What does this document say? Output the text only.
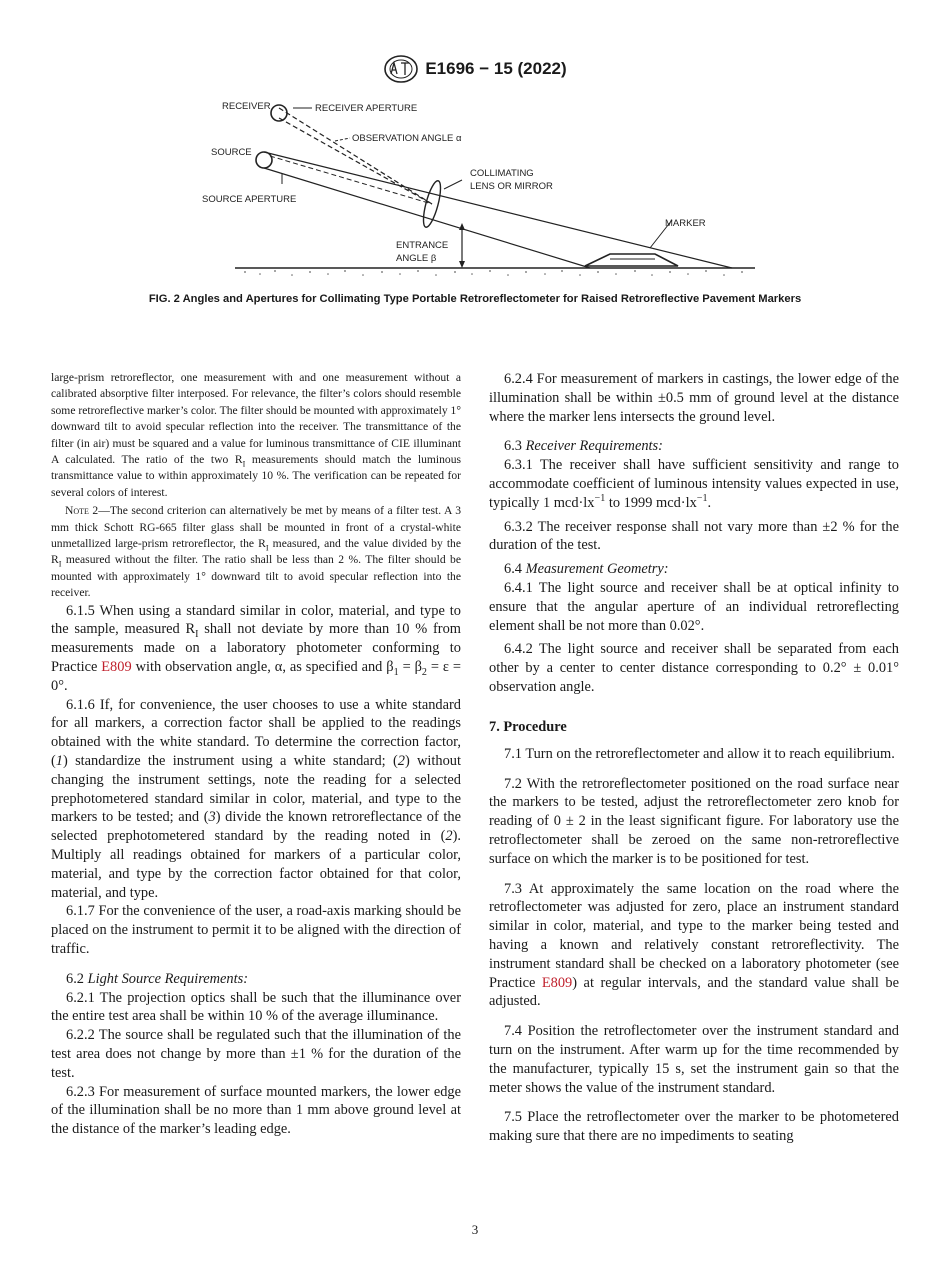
E1696 − 15 (2022)
RECEIVER	RECEIVER APERTURE
OBSERVATION ANGLE α
SOURCE
COLLIMATING
LENS OR MIRROR
SOURCE APERTURE
MARKER
ENTRANCE
ANGLE β
FIG. 2 Angles and Apertures for Collimating Type Portable Retroreflectometer for Raised Retroreflective Pavement Markers

large-prism retroreflector, one measurement with and one measurement without a calibrated absorptive filter interposed. For relevance, the filter’s colors should resemble some retroreflective marker’s color. The filter should be mounted with approximately 1° downward tilt to avoid specular reflection into the receiver. The transmittance of the filter (in air) must be squared and a value for luminous transmittance of CIE illuminant A calculated. The ratio of the two $R_I$ measurements should match the luminous transmittance value to within approximately 10 %. The verification can be repeated for several colors of interest.

Note 2—The second criterion can alternatively be met by means of a filter test. A 3 mm thick Schott RG-665 filter glass shall be mounted in front of a crystal-white unmetallized large-prism retroreflector, the $R_I$ measured, and the value divided by the $R_I$ measured without the filter. The ratio shall be less than 2 %. The filter should be mounted with approximately 1° downward tilt to avoid specular reflection into the receiver.

6.1.5 When using a standard similar in color, material, and type to the sample, measured $R_I$ shall not deviate by more than 10 % from measurements made on a laboratory photometer conforming to Practice E809 with observation angle, α, as specified and $\beta_1 = \beta_2 = \varepsilon = 0^\circ$.

6.1.6 If, for convenience, the user chooses to use a white standard for all markers, a correction factor shall be applied to the readings obtained with the white standard. To determine the correction factor, (1) standardize the instrument using a white standard; (2) without changing the instrument settings, note the reading for a selected prephotometered standard similar in color, material, and type to the markers to be tested; and (3) divide the known retroreflectance of the selected prephotometered standard by the reading noted in (2). Multiply all readings obtained for markers of a particular color, material, and type by the correction factor obtained for that color, material, and type.

6.1.7 For the convenience of the user, a road-axis marking should be placed on the instrument to permit it to be aligned with the direction of traffic.

6.2 Light Source Requirements:

6.2.1 The projection optics shall be such that the illuminance over the entire test area shall be within 10 % of the average illuminance.

6.2.2 The source shall be regulated such that the illumination of the test area does not change by more than ±1 % for the duration of the test.

6.2.3 For measurement of surface mounted markers, the lower edge of the illumination shall be no more than 1 mm above ground level at the distance of the marker’s leading edge.

6.2.4 For measurement of markers in castings, the lower edge of the illumination shall be within ±0.5 mm of ground level at the distance where the marker lens intersects the ground level.

6.3 Receiver Requirements:

6.3.1 The receiver shall have sufficient sensitivity and range to accommodate coefficient of luminous intensity values expected in use, typically 1 $mcd\cdot lx^{-1}$ to 1999 $mcd\cdot lx^{-1}$.

6.3.2 The receiver response shall not vary more than ±2 % for the duration of the test.

6.4 Measurement Geometry:

6.4.1 The light source and receiver shall be at optical infinity to ensure that the angular aperture of an individual retroreflecting element shall be not more than 0.02°.

6.4.2 The light source and receiver shall be separated from each other by a center to center distance corresponding to 0.2° ± 0.01° observation angle.

7. Procedure

7.1 Turn on the retroreflectometer and allow it to reach equilibrium.

7.2 With the retroreflectometer positioned on the road surface near the markers to be tested, adjust the retroreflectometer zero knob for reading of 0 ± 2 in the least significant figure. For laboratory use the retroflectometer shall be zeroed on the same non-retroreflective surface on which the marker is to be positioned for test.

7.3 At approximately the same location on the road where the retroflectometer was adjusted for zero, place an instrument standard similar in color, material, and type to the marker being tested and having a known and relatively constant retroreflectivity. The instrument standard shall be checked on a laboratory photometer (see Practice E809) at regular intervals, and the standard value shall be adjusted.

7.4 Position the retroflectometer over the instrument standard and turn on the instrument. After warm up for the time recommended by the manufacturer, typically 15 s, set the instrument gain so that the meter shows the value of the instrument standard.

7.5 Place the retroflectometer over the marker to be photometered making sure that there are no impediments to seating

3
